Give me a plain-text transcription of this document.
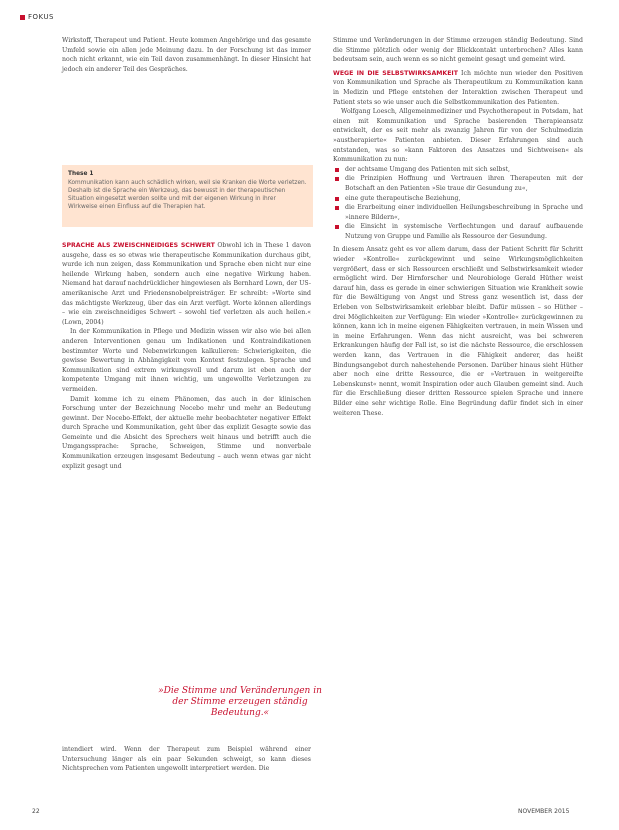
FOKUS

Wirkstoff, Therapeut und Patient. Heute kommen Angehörige und das gesamte Umfeld sowie ein allen jede Meinung dazu. In der Forschung ist das immer noch nicht erkannt, wie ein Teil davon zusammenhängt. In dieser Hinsicht hat jedoch ein anderer Teil des Gespräches.

These 1
Kommunikation kann auch schädlich wirken, weil sie Kranken die Worte verletzen. Deshalb ist die Sprache ein Werkzeug, das bewusst in der therapeutischen Situation eingesetzt werden sollte und mit der eigenen Wirkung in ihrer Wirkweise einen Einfluss auf die Therapien hat.

SPRACHE ALS ZWEISCHNEIDIGES SCHWERT Obwohl ich in These 1 davon ausgehe, dass es so etwas wie therapeutische Kommunikation durchaus gibt, wurde ich nun zeigen, dass Kommunikation und Sprache eben nicht nur eine heilende Wirkung haben, sondern auch eine negative Wirkung haben. Niemand hat darauf nachdrücklicher hingewiesen als Bernhard Lown, der US-amerikanische Arzt und Friedensnobelpreisträger. Er schreibt: »Worte sind das mächtigste Werkzeug, über das ein Arzt verfügt. Worte können allerdings – wie ein zweischneidiges Schwert – sowohl tief verletzen als auch heilen.« (Lown, 2004)

In der Kommunikation in Pflege und Medizin wissen wir also wie bei allen anderen Interventionen genau um Indikationen und Kontraindikationen bestimmter Worte und Nebenwirkungen kalkulieren: Schwierigkeiten, die gewisse Bewertung in Abhängigkeit vom Kontext festzulegen. Sprache und Kommunikation sind extrem wirkungsvoll und darum ist eben auch der kompetente Umgang mit ihnen wichtig, um ungewollte Verletzungen zu vermeiden.

Damit komme ich zu einem Phänomen, das auch in der klinischen Forschung unter der Bezeichnung Nocebo mehr und mehr an Bedeutung gewinnt. Der Nocebo-Effekt, der aktuelle mehr beobachteter negativer Effekt durch Sprache und Kommunikation, geht über das explizit Gesagte sowie das Gemeinte und die Absicht des Sprechers weit hinaus und betrifft auch die Umgangssprache: Sprache, Schweigen, Stimme und nonverbale Kommunikation erzeugen insgesamt Bedeutung – auch wenn etwas gar nicht explizit gesagt und

»Die Stimme und Veränderungen in der Stimme erzeugen ständig Bedeutung.«

intendiert wird. Wenn der Therapeut zum Beispiel während einer Untersuchung länger als ein paar Sekunden schweigt, so kann dieses Nichtsprechen vom Patienten ungewollt interpretiert werden. Die

Stimme und Veränderungen in der Stimme erzeugen ständig Bedeutung. Sind die Stimme plötzlich oder wenig der Blickkontakt unterbrochen? Alles kann bedeutsam sein, auch wenn es so nicht gemeint gesagt und gemeint wird.

WEGE IN DIE SELBSTWIRKSAMKEIT Ich möchte nun wieder den Positiven von Kommunikation und Sprache als Therapeutikum zu Kommunikation kann in Medizin und Pflege entstehen der Interaktion zwischen Therapeut und Patient stets so wie unser auch die Selbstkommunikation des Patienten.

Wolfgang Loesch, Allgemeinmediziner und Psychotherapeut in Potsdam, hat einen mit Kommunikation und Sprache basierenden Therapieansatz entwickelt, der es seit mehr als zwanzig Jahren für von der Schulmedizin »austherapierte« Patienten anbieten. Dieser Erfahrungen sind auch entstanden, was so »kann Faktoren des Ansatzes und Sichtweisen« als Kommunikation zu nun:

der achtsame Umgang des Patienten mit sich selbst,
die Prinzipien Hoffnung und Vertrauen ihren Therapeuten mit der Botschaft an den Patienten »Sie traue dir Gesundung zu«,
eine gute therapeutische Beziehung,
die Erarbeitung einer individuellen Heilungsbeschreibung in Sprache und »innere Bildern«,
die Einsicht in systemische Verflechtungen und darauf aufbauende Nutzung von Gruppe und Familie als Ressource der Gesundung.

In diesem Ansatz geht es vor allem darum, dass der Patient Schritt für Schritt wieder »Kontrolle« zurückgewinnt und seine Wirkungsmöglichkeiten vergrößert, dass er sich Ressourcen erschließt und Selbstwirksamkeit wieder ermöglicht wird. Der Hirnforscher und Neurobiologe Gerald Hüther weist darauf hin, dass es gerade in einer schwierigen Situation wie Krankheit sowie für die Bewältigung von Angst und Stress ganz wesentlich ist, dass der Erleben von Selbstwirksamkeit erlebbar bleibt. Dafür müssen – so Hüther – drei Möglichkeiten zur Verfügung: Ein wieder »Kontrolle« zurückgewinnen zu können, kann ich in meine eigenen Fähigkeiten vertrauen, in mein Wissen und in meine Erfahrungen. Wenn das nicht ausreicht, was bei schweren Erkrankungen häufig der Fall ist, so ist die nächste Ressource, die erschlossen werden kann, das Vertrauen in die Fähigkeit anderer, das heißt Bindungsangebot durch nahestehende Personen. Darüber hinaus sieht Hüther aber noch eine dritte Ressource, die er »Vertrauen in weitgereifte Lebenskunst« nennt, womit Inspiration oder auch Glauben gemeint sind. Auch für die Erschließung dieser dritten Ressource spielen Sprache und innere Bilder eine sehr wichtige Rolle. Eine Begründung dafür findet sich in einer weiteren These.

22	NOVEMBER 2015
